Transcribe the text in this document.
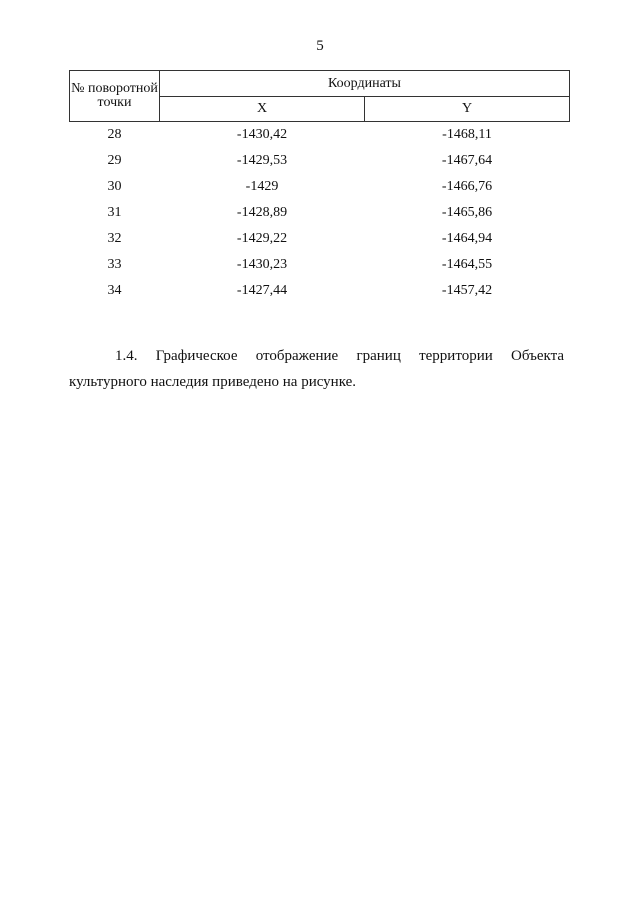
5
№ поворотной точки	Координаты	
	X	Y
28	-1430,42	-1468,11
29	-1429,53	-1467,64
30	-1429	-1466,76
31	-1428,89	-1465,86
32	-1429,22	-1464,94
33	-1430,23	-1464,55
34	-1427,44	-1457,42

1.4. Графическое отображение границ территории Объекта культурного наследия приведено на рисунке.
